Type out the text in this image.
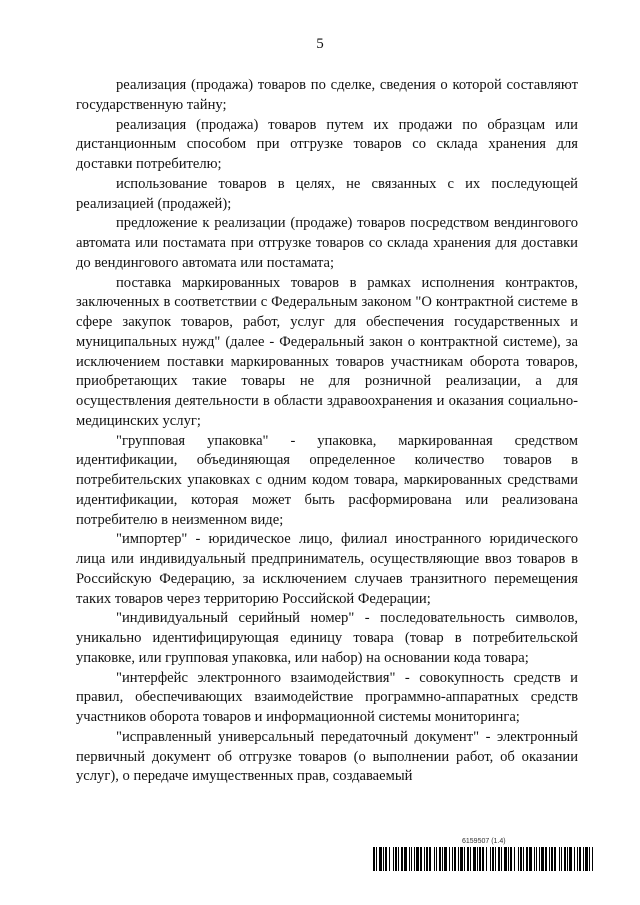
5

реализация (продажа) товаров по сделке, сведения о которой составляют государственную тайну;

реализация (продажа) товаров путем их продажи по образцам или дистанционным способом при отгрузке товаров со склада хранения для доставки потребителю;

использование товаров в целях, не связанных с их последующей реализацией (продажей);

предложение к реализации (продаже) товаров посредством вендингового автомата или постамата при отгрузке товаров со склада хранения для доставки до вендингового автомата или постамата;

поставка маркированных товаров в рамках исполнения контрактов, заключенных в соответствии с Федеральным законом "О контрактной системе в сфере закупок товаров, работ, услуг для обеспечения государственных и муниципальных нужд" (далее - Федеральный закон о контрактной системе), за исключением поставки маркированных товаров участникам оборота товаров, приобретающих такие товары не для розничной реализации, а для осуществления деятельности в области здравоохранения и оказания социально-медицинских услуг;

"групповая упаковка" - упаковка, маркированная средством идентификации, объединяющая определенное количество товаров в потребительских упаковках с одним кодом товара, маркированных средствами идентификации, которая может быть расформирована или реализована потребителю в неизменном виде;

"импортер" - юридическое лицо, филиал иностранного юридического лица или индивидуальный предприниматель, осуществляющие ввоз товаров в Российскую Федерацию, за исключением случаев транзитного перемещения таких товаров через территорию Российской Федерации;

"индивидуальный серийный номер" - последовательность символов, уникально идентифицирующая единицу товара (товар в потребительской упаковке, или групповая упаковка, или набор) на основании кода товара;

"интерфейс электронного взаимодействия" - совокупность средств и правил, обеспечивающих взаимодействие программно-аппаратных средств участников оборота товаров и информационной системы мониторинга;

"исправленный универсальный передаточный документ" - электронный первичный документ об отгрузке товаров (о выполнении работ, об оказании услуг), о передаче имущественных прав, создаваемый

6159507 (1.4)
